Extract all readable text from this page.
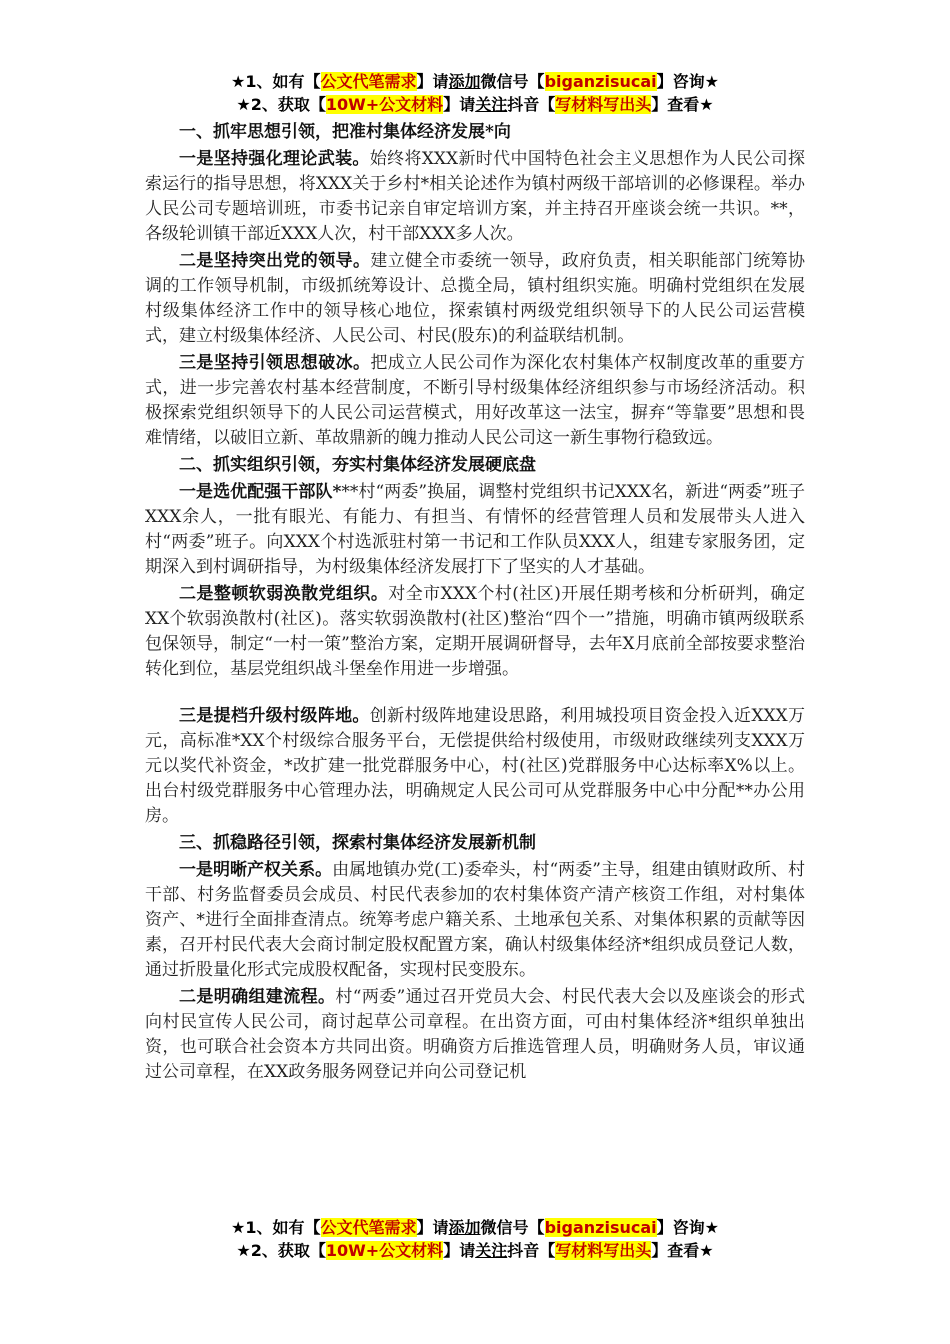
★1、如有【公文代笔需求】请添加微信号【biganzisucai】咨询★
★2、获取【10W+公文材料】请关注抖音【写材料写出头】查看★

一、抓牢思想引领，把准村集体经济发展*向

一是坚持强化理论武装。始终将XXX新时代中国特色社会主义思想作为人民公司探索运行的指导思想，将XXX关于乡村*相关论述作为镇村两级干部培训的必修课程。举办人民公司专题培训班，市委书记亲自审定培训方案，并主持召开座谈会统一共识。**，各级轮训镇干部近XXX人次，村干部XXX多人次。

二是坚持突出党的领导。建立健全市委统一领导，政府负责，相关职能部门统筹协调的工作领导机制，市级抓统筹设计、总揽全局，镇村组织实施。明确村党组织在发展村级集体经济工作中的领导核心地位，探索镇村两级党组织领导下的人民公司运营模式，建立村级集体经济、人民公司、村民(股东)的利益联结机制。

三是坚持引领思想破冰。把成立人民公司作为深化农村集体产权制度改革的重要方式，进一步完善农村基本经营制度，不断引导村级集体经济组织参与市场经济活动。积极探索党组织领导下的人民公司运营模式，用好改革这一法宝，摒弃“等靠要”思想和畏难情绪，以破旧立新、革故鼎新的魄力推动人民公司这一新生事物行稳致远。

二、抓实组织引领，夯实村集体经济发展硬底盘

一是选优配强干部队***村“两委”换届，调整村党组织书记XXX名，新进“两委”班子XXX余人，一批有眼光、有能力、有担当、有情怀的经营管理人员和发展带头人进入村“两委”班子。向XXX个村选派驻村第一书记和工作队员XXX人，组建专家服务团，定期深入到村调研指导，为村级集体经济发展打下了坚实的人才基础。

二是整顿软弱涣散党组织。对全市XXX个村(社区)开展任期考核和分析研判，确定XX个软弱涣散村(社区)。落实软弱涣散村(社区)整治“四个一”措施，明确市镇两级联系包保领导，制定“一村一策”整治方案，定期开展调研督导，去年X月底前全部按要求整治转化到位，基层党组织战斗堡垒作用进一步增强。

三是提档升级村级阵地。创新村级阵地建设思路，利用城投项目资金投入近XXX万元，高标准*XX个村级综合服务平台，无偿提供给村级使用，市级财政继续列支XXX万元以奖代补资金，*改扩建一批党群服务中心，村(社区)党群服务中心达标率X%以上。出台村级党群服务中心管理办法，明确规定人民公司可从党群服务中心中分配**办公用房。

三、抓稳路径引领，探索村集体经济发展新机制

一是明晰产权关系。由属地镇办党(工)委牵头，村“两委”主导，组建由镇财政所、村干部、村务监督委员会成员、村民代表参加的农村集体资产清产核资工作组，对村集体资产、*进行全面排查清点。统筹考虑户籍关系、土地承包关系、对集体积累的贡献等因素，召开村民代表大会商讨制定股权配置方案，确认村级集体经济*组织成员登记人数，通过折股量化形式完成股权配备，实现村民变股东。

二是明确组建流程。村“两委”通过召开党员大会、村民代表大会以及座谈会的形式向村民宣传人民公司，商讨起草公司章程。在出资方面，可由村集体经济*组织单独出资，也可联合社会资本方共同出资。明确资方后推选管理人员，明确财务人员，审议通过公司章程，在XX政务服务网登记并向公司登记机

★1、如有【公文代笔需求】请添加微信号【biganzisucai】咨询★
★2、获取【10W+公文材料】请关注抖音【写材料写出头】查看★
